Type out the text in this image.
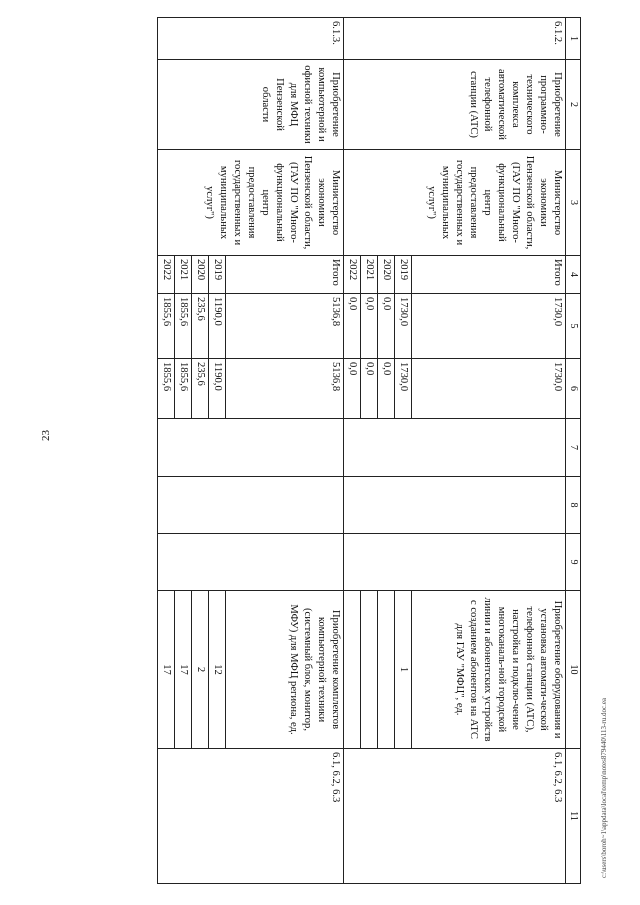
23
c:\users\boroh~1\appdata\local\temp\notes879440\113-ru.doc.ea
1	2	3	4	5	6	7	8	9	10	11
6.1.2.	Приобретение программно-технического комплекса автоматической телефонной станции (АТС)	Министерство экономики Пензенской области, (ГАУ ПО "Много-функциональный центр предоставления государственных и муниципальных услуг")	Итого	1730,0	1730,0				Приобретение оборудования и установка автомати-ческой телефонной станции (АТС), настройка и подклю-чение многоканаль-ной городской линии и абонентских устройств с созданием абонентов на АТС для ГАУ "МФЦ", ед.	6.1, 6.2, 6.3
			2019	1730,0	1730,0				1	
			2020	0,0	0,0					
			2021	0,0	0,0					
			2022	0,0	0,0					
6.1.3.	Приобретение компьютерной и офисной техники для МФЦ Пензенской области	Министерство экономики Пензенской области, (ГАУ ПО "Много-функциональный центр предоставления государственных и муниципальных услуг")	Итого	5136,8	5136,8				Приобретение комплектов компьютерной техники (системный блок, монитор, МФУ) для МФЦ региона, ед.	6.1, 6.2, 6.3
			2019	1190,0	1190,0				12	
			2020	235,6	235,6				2	
			2021	1855,6	1855,6				17	
			2022	1855,6	1855,6				17	
